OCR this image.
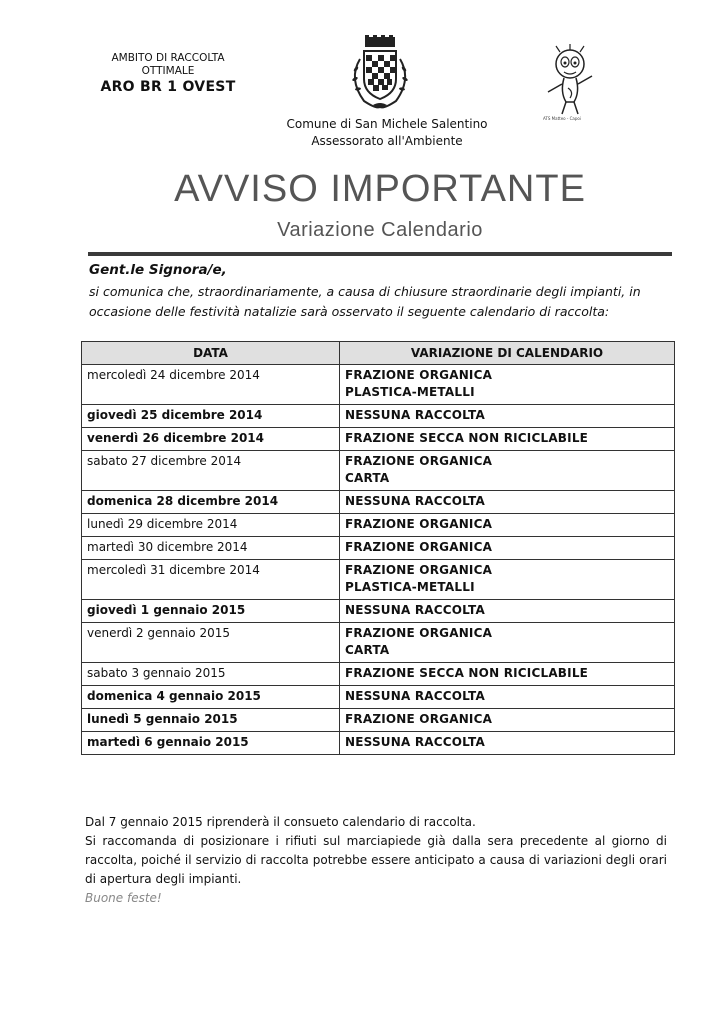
AMBITO DI RACCOLTA
OTTIMALE
ARO BR 1 OVEST
ATS Matteo - Capoi
Comune di San Michele Salentino
Assessorato all'Ambiente
AVVISO IMPORTANTE
Variazione Calendario
Gent.le Signora/e,
si comunica che, straordinariamente, a causa di chiusure straordinarie degli impianti, in occasione delle festività natalizie sarà osservato il seguente calendario di raccolta:
DATA	VARIAZIONE DI CALENDARIO
mercoledì 24 dicembre 2014	FRAZIONE ORGANICA
PLASTICA-METALLI

giovedì 25 dicembre 2014	NESSUNA RACCOLTA

venerdì 26 dicembre 2014	FRAZIONE SECCA NON RICICLABILE

sabato 27 dicembre 2014	FRAZIONE ORGANICA
CARTA

domenica 28 dicembre 2014	NESSUNA RACCOLTA

lunedì 29 dicembre 2014	FRAZIONE ORGANICA

martedì 30 dicembre 2014	FRAZIONE ORGANICA

mercoledì 31 dicembre 2014	FRAZIONE ORGANICA
PLASTICA-METALLI

giovedì 1 gennaio 2015	NESSUNA RACCOLTA

venerdì 2 gennaio 2015	FRAZIONE ORGANICA
CARTA

sabato 3 gennaio 2015	FRAZIONE SECCA NON RICICLABILE

domenica 4 gennaio 2015	NESSUNA RACCOLTA

lunedì 5 gennaio 2015	FRAZIONE ORGANICA

martedì 6 gennaio 2015	NESSUNA RACCOLTA
Dal 7 gennaio 2015 riprenderà il consueto calendario di raccolta.
Si raccomanda di posizionare i rifiuti sul marciapiede già dalla sera precedente al giorno di raccolta, poiché il servizio di raccolta potrebbe essere anticipato a causa di variazioni degli orari di apertura degli impianti.
Buone feste!
